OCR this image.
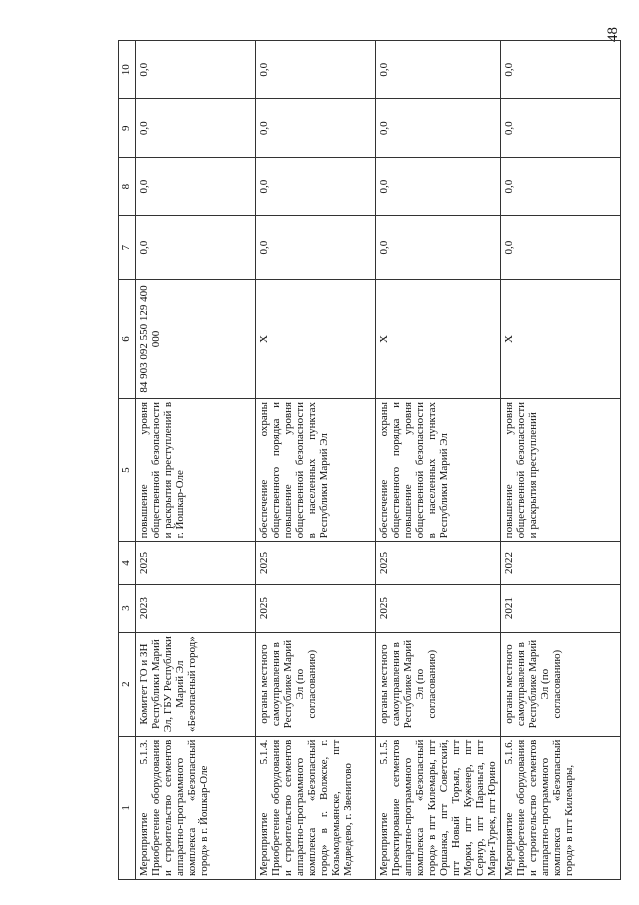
48
1	2	3	4	5	6	7	8	9	10
Мероприятие 5.1.3. Приобретение оборудования и строительство сегментов аппаратно-программного комплекса «Безопасный город» в г. Йошкар-Оле	Комитет ГО и ЗН Республики Марий Эл, ГБУ Республики Марий Эл «Безопасный город»	2023	2025	повышение уровня общественной безопасности и раскрытия преступлений в г. Йошкар-Оле	84 903 092 550 129 400 000	0,0	0,0	0,0	0,0
Мероприятие 5.1.4. Приобретение оборудования и строительство сегментов аппаратно-программного комплекса «Безопасный город» в г. Волжске, г. Козьмодемьянске, пгт Медведево, г. Звенигово	органы местного самоуправления в Республике Марий Эл (по согласованию)	2025	2025	обеспечение охраны общественного порядка и повышение уровня общественной безопасности в населенных пунктах Республики Марий Эл	X	0,0	0,0	0,0	0,0
Мероприятие 5.1.5. Проектирование сегментов аппаратно-программного комплекса «Безопасный город» в пгт Килемары, пгт Оршанка, пгт Советский, пгт Новый Торъял, пгт Морки, пгт Куженер, пгт Сернур, пгт Параньга, пгт Мари-Турек, пгт Юрино	органы местного самоуправления в Республике Марий Эл (по согласованию)	2025	2025	обеспечение охраны общественного порядка и повышение уровня общественной безопасности в населенных пунктах Республики Марий Эл	X	0,0	0,0	0,0	0,0
Мероприятие 5.1.6. Приобретение оборудования и строительство сегментов аппаратно-программного комплекса «Безопасный город» в пгт Килемары,	органы местного самоуправления в Республике Марий Эл (по согласованию)	2021	2022	повышение уровня общественной безопасности и раскрытия преступлений	X	0,0	0,0	0,0	0,0
